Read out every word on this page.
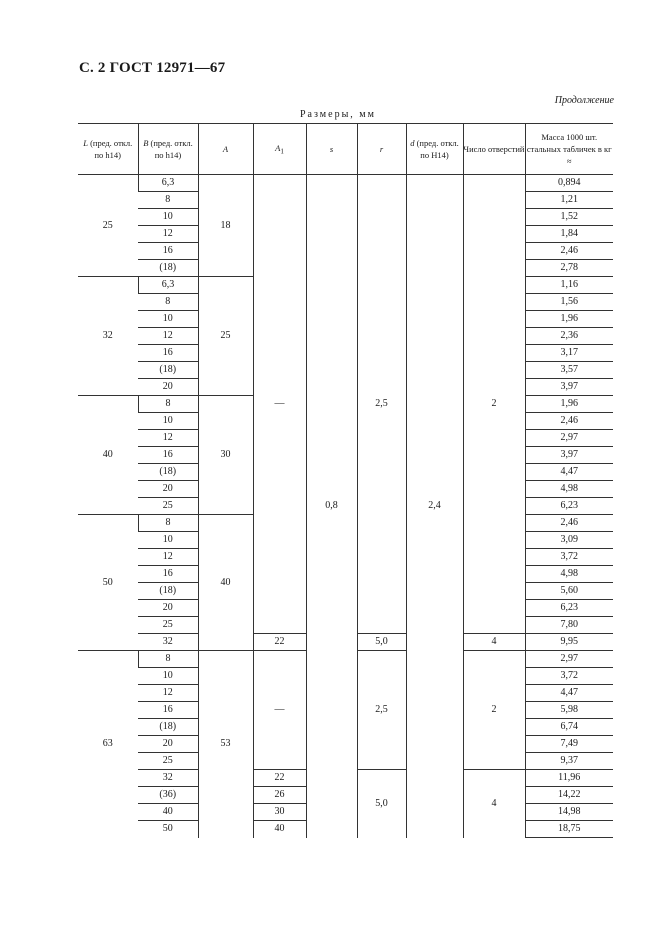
С. 2 ГОСТ 12971—67
Продолжение
Размеры, мм
L (пред. откл. по h14)	B (пред. откл. по h14)	A	$A_1$	s	r	d (пред. откл. по H14)	Число отверстий	Масса 1000 шт. стальных табличек в кг ≈
25	6,3	18	—	0,8	2,5	2,4	2	0,894
	8							1,21
	10							1,52
	12							1,84
	16							2,46
	(18)							2,78
32	6,3	25						1,16
	8							1,56
	10							1,96
	12							2,36
	16							3,17
	(18)							3,57
	20							3,97
40	8	30						1,96
	10							2,46
	12							2,97
	16							3,97
	(18)							4,47
	20							4,98
	25							6,23
50	8	40						2,46
	10							3,09
	12							3,72
	16							4,98
	(18)							5,60
	20							6,23
	25							7,80
	32		22		5,0		4	9,95
63	8	53	—		2,5		2	2,97
	10							3,72
	12							4,47
	16							5,98
	(18)							6,74
	20							7,49
	25							9,37
	32		22		5,0		4	11,96
	(36)		26					14,22
	40		30					14,98
	50		40					18,75
